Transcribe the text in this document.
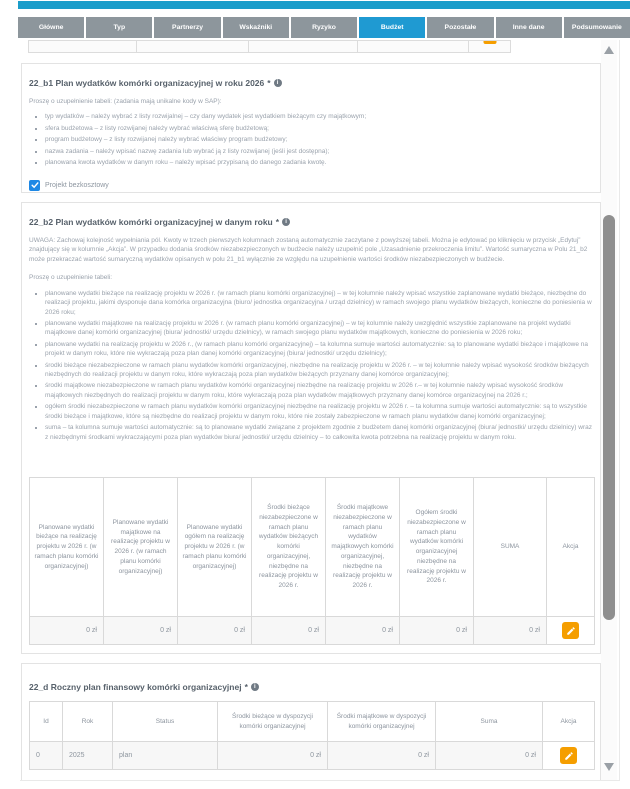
Główne	Typ	Partnerzy	Wskaźniki	Ryzyko	Budżet	Pozostałe	Inne dane	Podsumowanie
22_b1 Plan wydatków komórki organizacyjnej w roku 2026 *	i

Proszę o uzupełnienie tabeli: (zadania mają unikalne kody w SAP):

▪ typ wydatków – należy wybrać z listy rozwijalnej – czy dany wydatek jest wydatkiem bieżącym czy majątkowym;
▪ sfera budżetowa – z listy rozwijanej należy wybrać właściwą sferę budżetową;
▪ program budżetowy – z listy rozwijanej należy wybrać właściwy program budżetowy;
▪ nazwa zadania – należy wpisać nazwę zadania lub wybrać ją z listy rozwijanej (jeśli jest dostępna);
▪ planowana kwota wydatków w danym roku – należy wpisać przypisaną do danego zadania kwotę.
Projekt bezkosztowy
22_b2 Plan wydatków komórki organizacyjnej w danym roku *	i

UWAGA: Zachowaj kolejność wypełniania pól. Kwoty w trzech pierwszych kolumnach zostaną automatycznie zaczytane z powyższej tabeli. Można je edytować po kliknięciu w przycisk „Edytuj” znajdujący się w kolumnie „Akcja”. W przypadku dodania środków niezabezpieczonych w budżecie należy uzupełnić pole „Uzasadnienie przekroczenia limitu”. Wartość sumaryczna w Polu 21_b2 może przekraczać wartość sumaryczną wydatków opisanych w polu 21_b1 wyłącznie ze względu na uzupełnienie wartości środków niezabezpieczonych w budżecie.

Proszę o uzupełnienie tabeli:

▪ planowane wydatki bieżące na realizację projektu w 2026 r. (w ramach planu komórki organizacyjnej) – w tej kolumnie należy wpisać wszystkie zaplanowane wydatki bieżące, niezbędne do realizacji projektu, jakimi dysponuje dana komórka organizacyjna (biuro/ jednostka organizacyjna / urząd dzielnicy) w ramach swojego planu wydatków bieżących, konieczne do poniesienia w 2026 roku;
▪ planowane wydatki majątkowe na realizację projektu w 2026 r. (w ramach planu komórki organizacyjnej) – w tej kolumnie należy uwzględnić wszystkie zaplanowane na projekt wydatki majątkowe danej komórki organizacyjnej (biura/ jednostki/ urzędu dzielnicy), w ramach swojego planu wydatków majątkowych, konieczne do poniesienia w 2026 roku;
▪ planowane wydatki na realizację projektu w 2026 r., (w ramach planu komórki organizacyjnej) – ta kolumna sumuje wartości automatycznie: są to planowane wydatki bieżące i majątkowe na projekt w danym roku, które nie wykraczają poza plan danej komórki organizacyjnej (biura/ jednostki/ urzędu dzielnicy);
▪ środki bieżące niezabezpieczone w ramach planu wydatków komórki organizacyjnej, niezbędne na realizację projektu w 2026 r. – w tej kolumnie należy wpisać wysokość środków bieżących niezbędnych do realizacji projektu w danym roku, które wykraczają poza plan wydatków bieżących przyznany danej komórce organizacyjnej;
▪ środki majątkowe niezabezpieczone w ramach planu wydatków komórki organizacyjnej niezbędne na realizację projektu w 2026 r.– w tej kolumnie należy wpisać wysokość środków majątkowych niezbędnych do realizacji projektu w danym roku, które wykraczają poza plan wydatków majątkowych przyznany danej komórce organizacyjnej na 2026 r.;
▪ ogółem środki niezabezpieczone w ramach planu wydatków komórki organizacyjnej niezbędne na realizację projektu w 2026 r. – ta kolumna sumuje wartości automatycznie: są to wszystkie środki bieżące i majątkowe, które są niezbędne do realizacji projektu w danym roku, które nie zostały zabezpieczone w ramach planu wydatków danej komórki organizacyjnej;
▪ suma – ta kolumna sumuje wartości automatycznie: są to planowane wydatki związane z projektem zgodnie z budżetem danej komórki organizacyjnej (biura/ jednostki/ urzędu dzielnicy) wraz z niezbędnymi środkami wykraczającymi poza plan wydatków biura/ jednostki/ urzędu dzielnicy – to całkowita kwota potrzebna na realizację projektu w danym roku.
Planowane wydatki bieżące na realizację projektu w 2026 r. (w ramach planu komórki organizacyjnej)	Planowane wydatki majątkowe na realizację projektu w 2026 r. (w ramach planu komórki organizacyjnej)	Planowane wydatki ogółem na realizację projektu w 2026 r. (w ramach planu komórki organizacyjnej)	Środki bieżące niezabezpieczone w ramach planu wydatków bieżących komórki organizacyjnej, niezbędne na realizację projektu w 2026 r.	Środki majątkowe niezabezpieczone w ramach planu wydatków majątkowych komórki organizacyjnej, niezbędne na realizację projektu w 2026 r.	Ogółem środki niezabezpieczone w ramach planu wydatków komórki organizacyjnej niezbędne na realizację projektu w 2026 r.	SUMA	Akcja
0 zł	0 zł	0 zł	0 zł	0 zł	0 zł	0 zł	
22_d Roczny plan finansowy komórki organizacyjnej *	i
Id	Rok	Status	Środki bieżące w dyspozycji komórki organizacyjnej	Środki majątkowe w dyspozycji komórki organizacyjnej	Suma	Akcja
0	2025	plan	0 zł	0 zł	0 zł	
